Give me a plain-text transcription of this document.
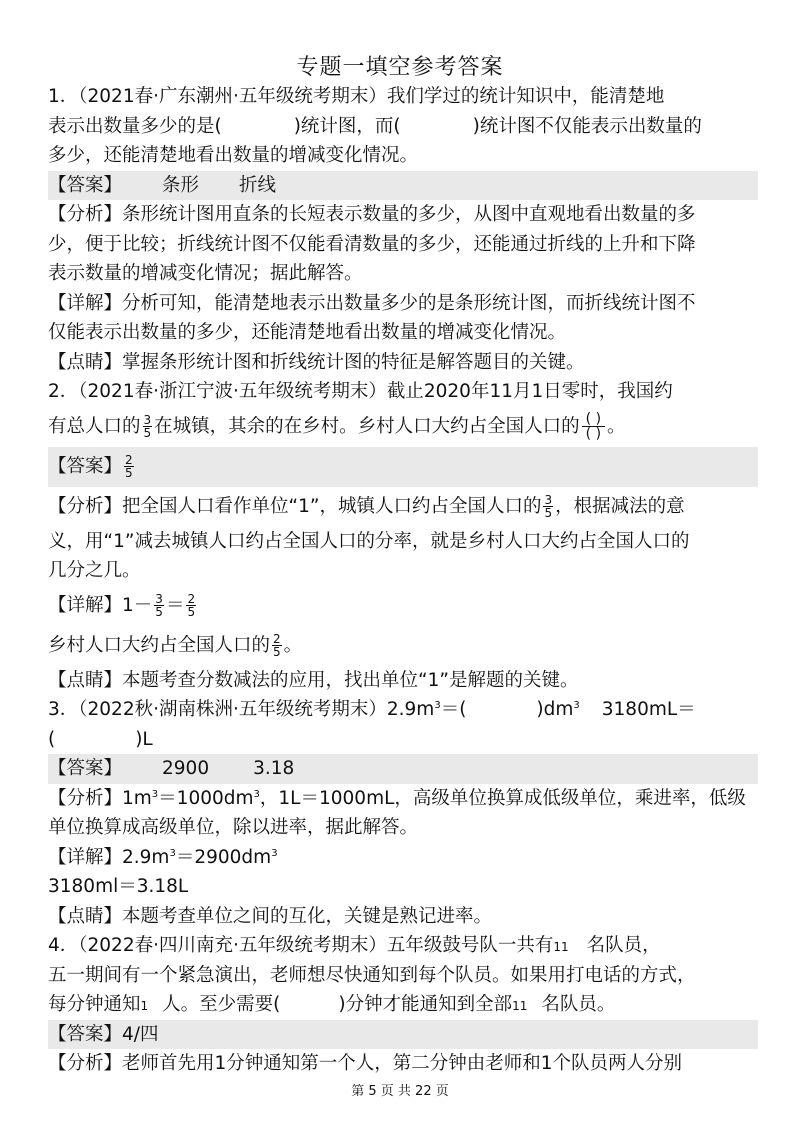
专题一填空参考答案
1．（2021春·广东潮州·五年级统考期末）我们学过的统计知识中，能清楚地
表示出数量多少的是(	)统计图，而(	)统计图不仅能表示出数量的
多少，还能清楚地看出数量的增减变化情况。
【答案】 条形 折线
【分析】条形统计图用直条的长短表示数量的多少，从图中直观地看出数量的多
少，便于比较；折线统计图不仅能看清数量的多少，还能通过折线的上升和下降
表示数量的增减变化情况；据此解答。
【详解】分析可知，能清楚地表示出数量多少的是条形统计图，而折线统计图不
仅能表示出数量的多少，还能清楚地看出数量的增减变化情况。
【点睛】掌握条形统计图和折线统计图的特征是解答题目的关键。
2．（2021春·浙江宁波·五年级统考期末）截止2020年11月1日零时，我国约
有总人口的 $\frac{3}{5}$ 在城镇，其余的在乡村。乡村人口大约占全国人口的 $\frac{( )}{( )}$ 。
【答案】 $\frac{2}{5}$
【分析】把全国人口看作单位“1”，城镇人口约占全国人口的 $\frac{3}{5}$ ，根据减法的意
义，用“1”减去城镇人口约占全国人口的分率，就是乡村人口大约占全国人口的
几分之几。
【详解】$1- \frac{3}{5} = \frac{2}{5}$
乡村人口大约占全国人口的 $\frac{2}{5}$ 。
【点睛】本题考查分数减法的应用，找出单位“1”是解题的关键。
3．（2022秋·湖南株洲·五年级统考期末）$2.9m^3=$(	)$dm^3$ 3180mL＝
(	)L
【答案】 2900 3.18
【分析】$1m^3=1000dm^3$，1L＝1000mL，高级单位换算成低级单位，乘进率，低级
单位换算成高级单位，除以进率，据此解答。
【详解】$2.9m^3=2900dm^3$
3180ml＝3.18L
【点睛】本题考查单位之间的互化，关键是熟记进率。
4．（2022春·四川南充·五年级统考期末）五年级鼓号队一共有11 名队员，
五一期间有一个紧急演出，老师想尽快通知到每个队员。如果用打电话的方式，
每分钟通知1 人。至少需要(	)分钟才能通知到全部11 名队员。
【答案】4/四
【分析】老师首先用1分钟通知第一个人，第二分钟由老师和1个队员两人分别
第 5 页 共 22 页
